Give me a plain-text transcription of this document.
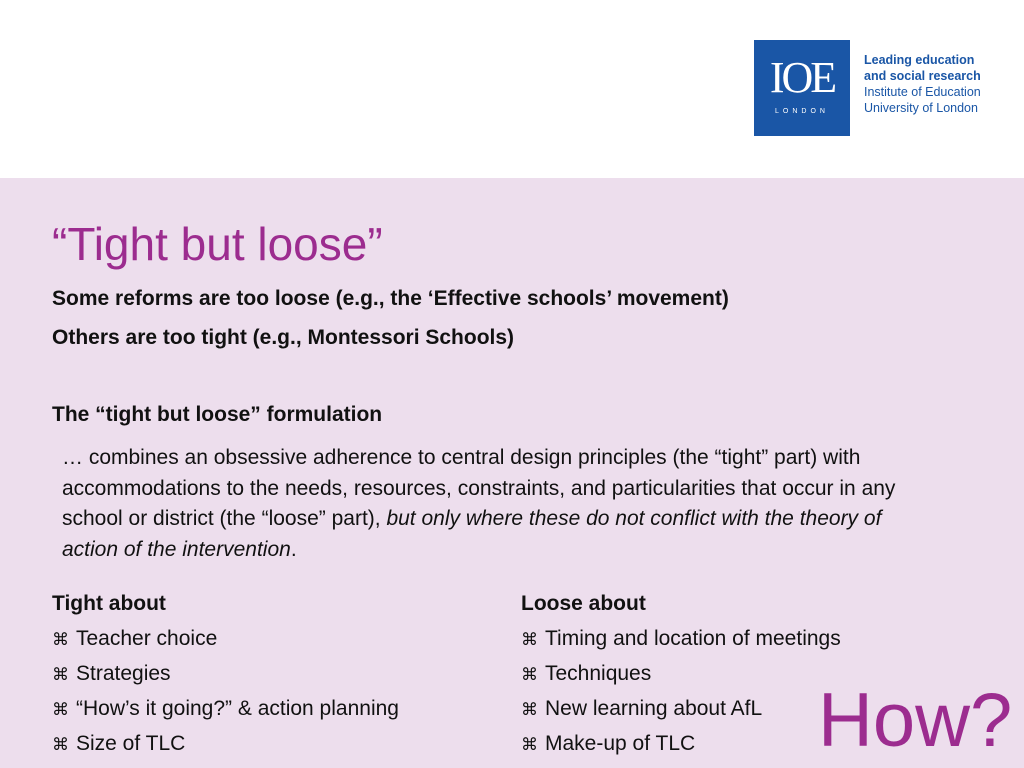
IOE
LONDON
Leading education
and social research
Institute of Education
University of London
“Tight but loose”
Some reforms are too loose (e.g., the ‘Effective schools’ movement)
Others are too tight (e.g., Montessori Schools)
The “tight but loose” formulation
… combines an obsessive adherence to central design principles (the “tight” part) with accommodations to the needs, resources, constraints, and particularities that occur in any school or district (the “loose” part), but only where these do not conflict with the theory of action of the intervention.
Tight about
⌘ Teacher choice
⌘ Strategies
⌘ “How’s it going?” & action planning
⌘ Size of TLC
Loose about
⌘ Timing and location of meetings
⌘ Techniques
⌘ New learning about AfL
⌘ Make-up of TLC	How?
